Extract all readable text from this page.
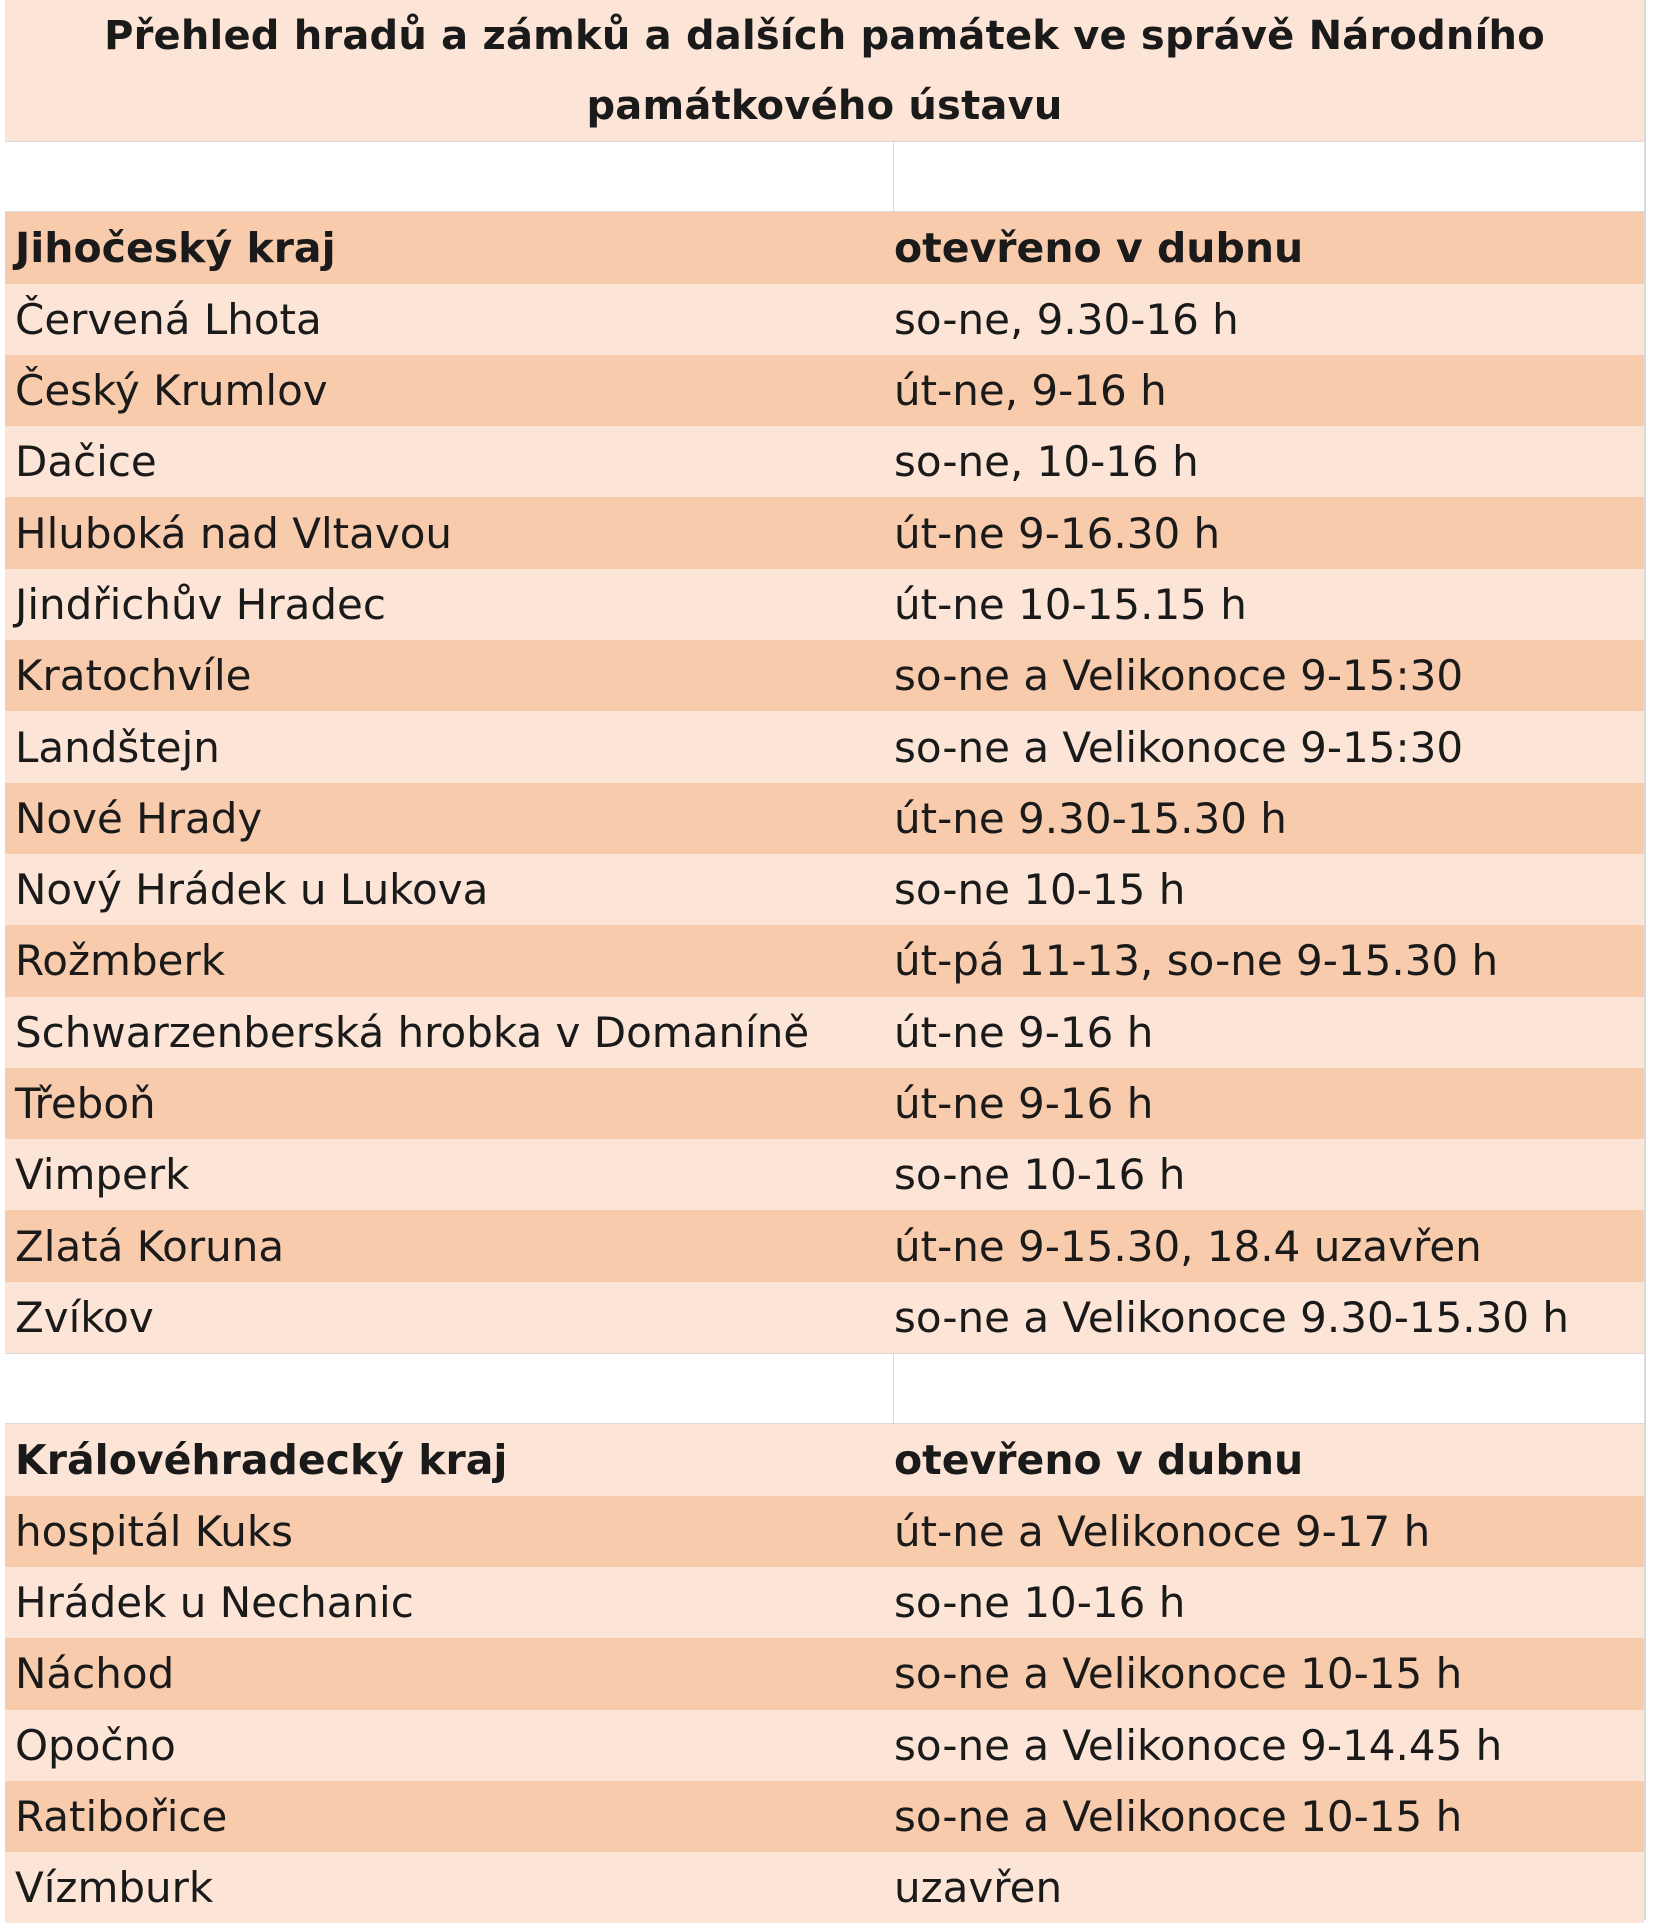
Přehled hradů a zámků a dalších památek ve správě Národního památkového ústavu
Jihočeský kraj	otevřeno v dubnu
Červená Lhota	so-ne, 9.30-16 h
Český Krumlov	út-ne, 9-16 h
Dačice	so-ne, 10-16 h
Hluboká nad Vltavou	út-ne 9-16.30 h
Jindřichův Hradec	út-ne 10-15.15 h
Kratochvíle	so-ne a Velikonoce 9-15:30
Landštejn	so-ne a Velikonoce 9-15:30
Nové Hrady	út-ne 9.30-15.30 h
Nový Hrádek u Lukova	so-ne 10-15 h
Rožmberk	út-pá 11-13, so-ne 9-15.30 h
Schwarzenberská hrobka v Domaníně	út-ne 9-16 h
Třeboň	út-ne 9-16 h
Vimperk	so-ne 10-16 h
Zlatá Koruna	út-ne 9-15.30, 18.4 uzavřen
Zvíkov	so-ne a Velikonoce 9.30-15.30 h
Královéhradecký kraj	otevřeno v dubnu
hospitál Kuks	út-ne a Velikonoce 9-17 h
Hrádek u Nechanic	so-ne 10-16 h
Náchod	so-ne a Velikonoce 10-15 h
Opočno	so-ne a Velikonoce 9-14.45 h
Ratibořice	so-ne a Velikonoce 10-15 h
Vízmburk	uzavřen
